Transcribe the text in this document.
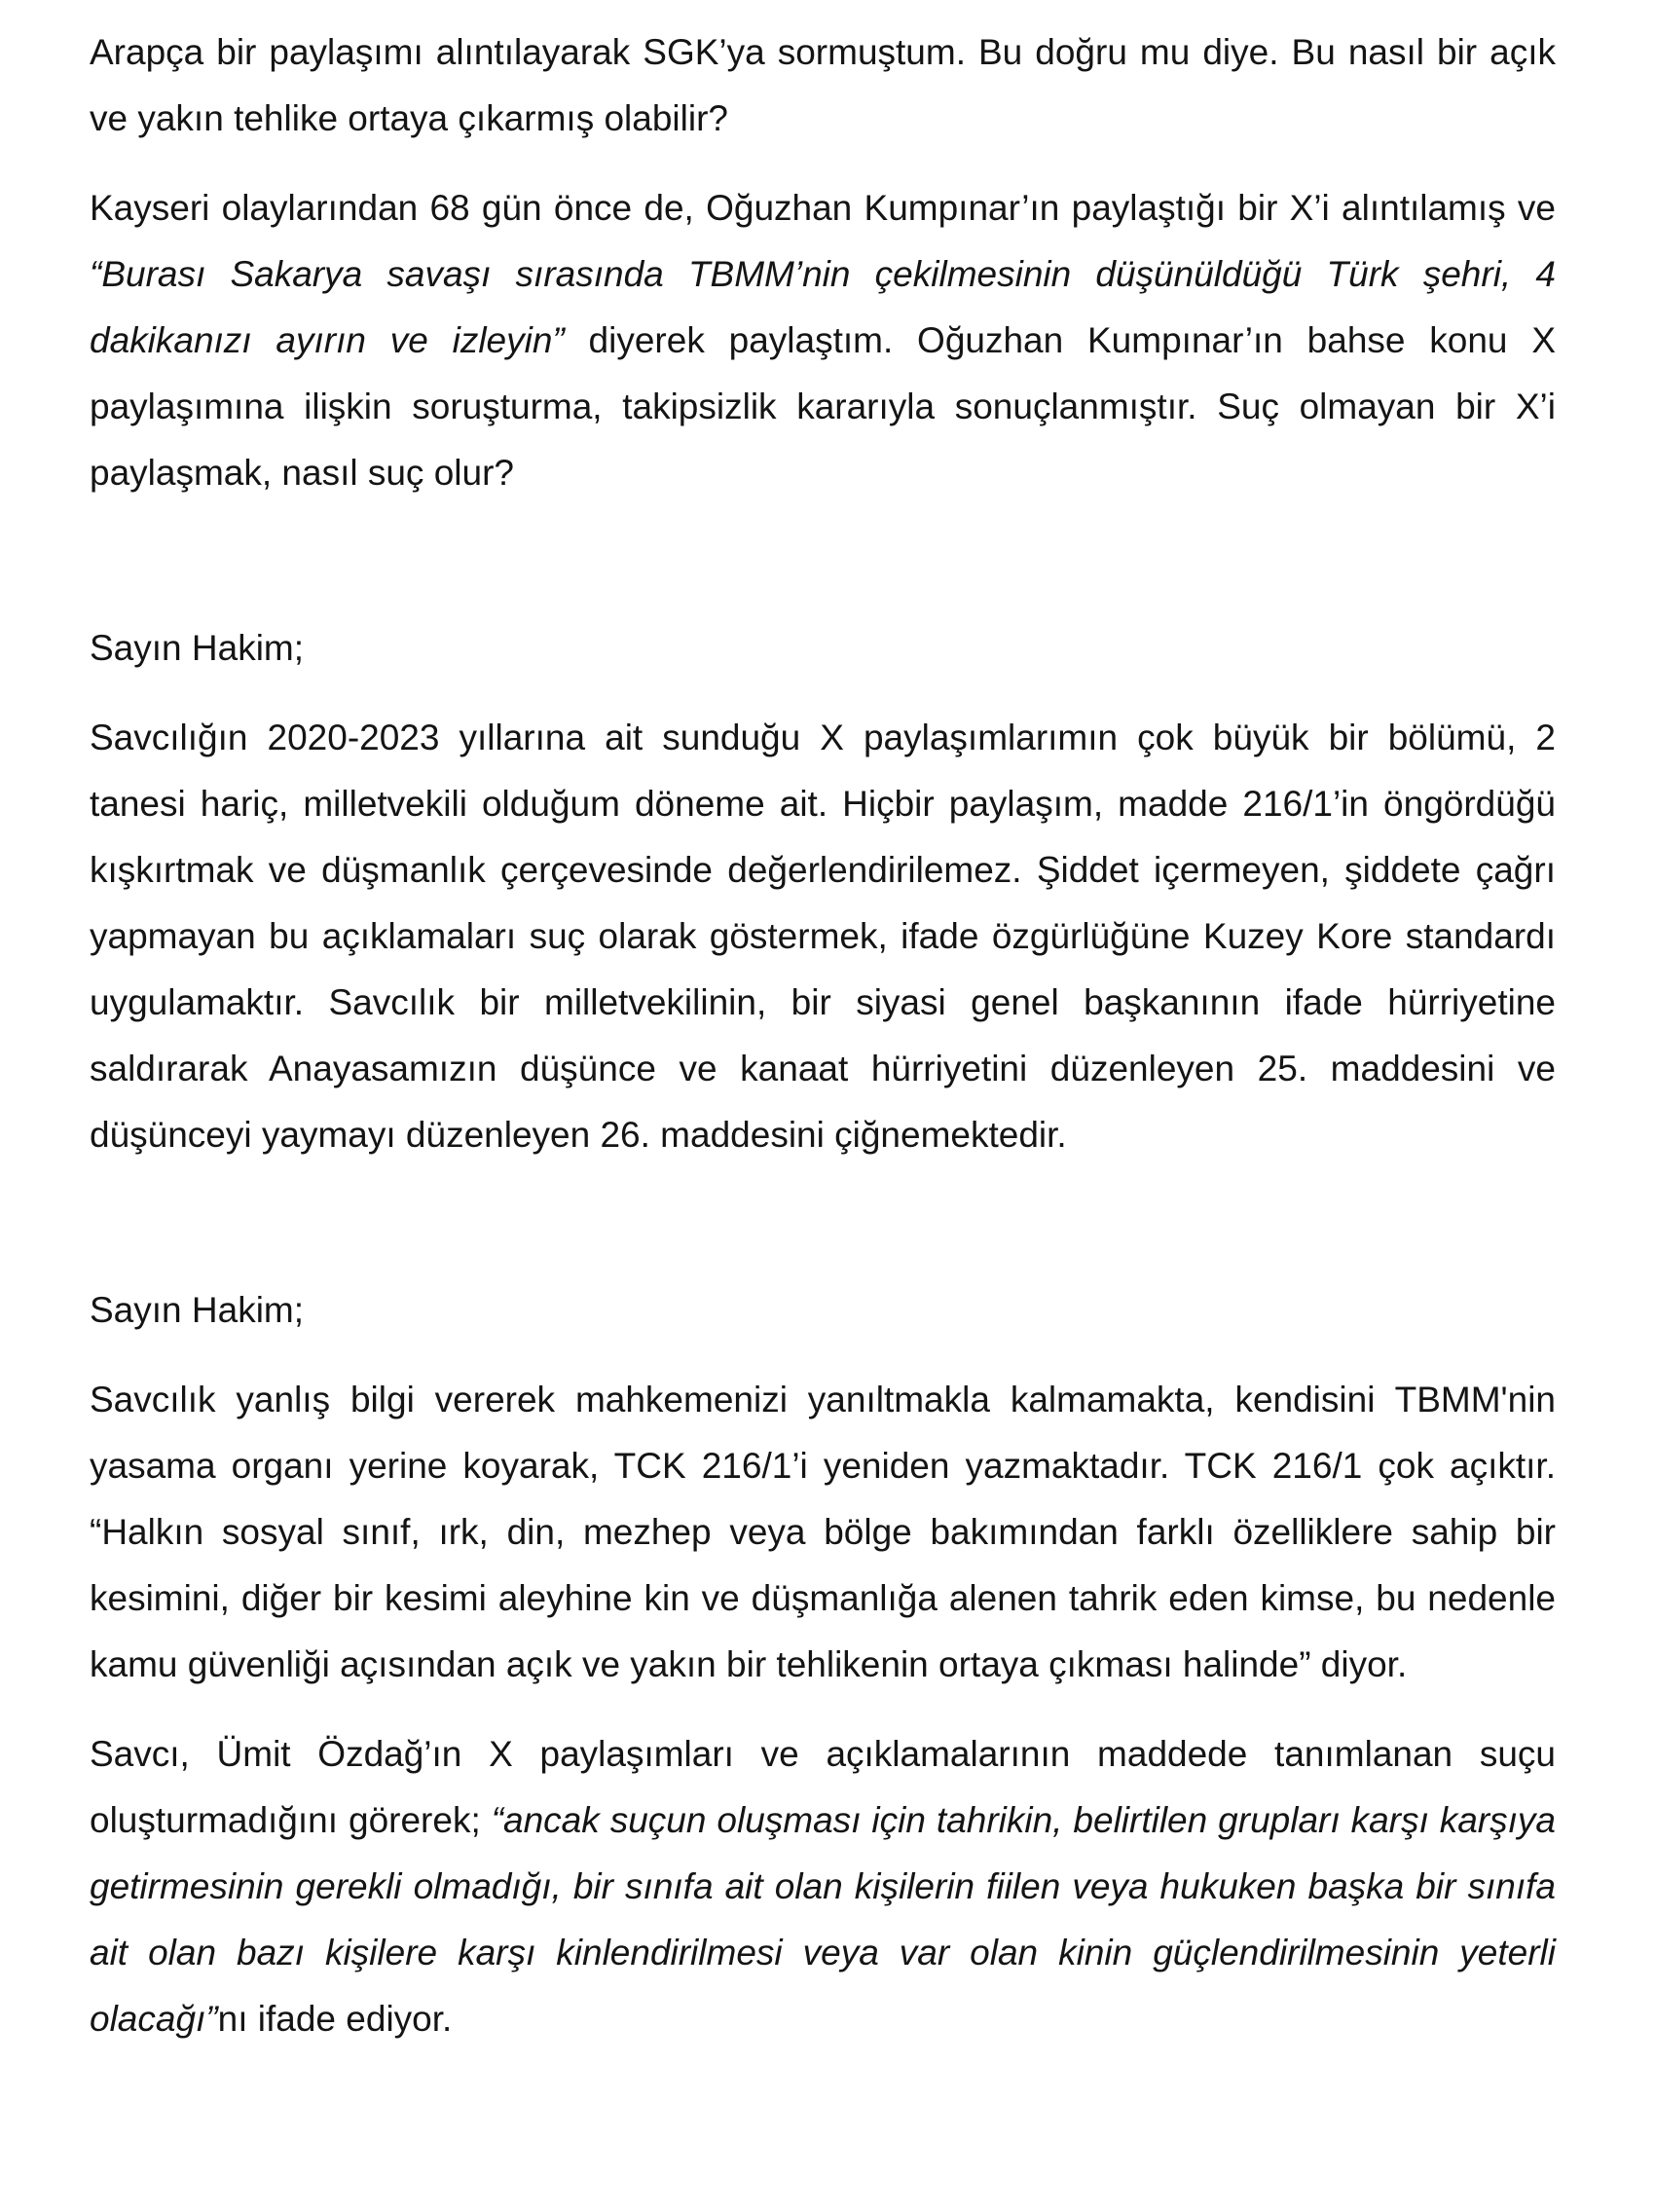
Arapça bir paylaşımı alıntılayarak SGK’ya sormuştum. Bu doğru mu diye. Bu nasıl bir açık ve yakın tehlike ortaya çıkarmış olabilir?

Kayseri olaylarından 68 gün önce de, Oğuzhan Kumpınar’ın paylaştığı bir X’i alıntılamış ve “Burası Sakarya savaşı sırasında TBMM’nin çekilmesinin düşünüldüğü Türk şehri, 4 dakikanızı ayırın ve izleyin” diyerek paylaştım. Oğuzhan Kumpınar’ın bahse konu X paylaşımına ilişkin soruşturma, takipsizlik kararıyla sonuçlanmıştır. Suç olmayan bir X’i paylaşmak, nasıl suç olur?

Sayın Hakim;

Savcılığın 2020-2023 yıllarına ait sunduğu X paylaşımlarımın çok büyük bir bölümü, 2 tanesi hariç, milletvekili olduğum döneme ait. Hiçbir paylaşım, madde 216/1’in öngördüğü kışkırtmak ve düşmanlık çerçevesinde değerlendirilemez. Şiddet içermeyen, şiddete çağrı yapmayan bu açıklamaları suç olarak göstermek, ifade özgürlüğüne Kuzey Kore standardı uygulamaktır. Savcılık bir milletvekilinin, bir siyasi genel başkanının ifade hürriyetine saldırarak Anayasamızın düşünce ve kanaat hürriyetini düzenleyen 25. maddesini ve düşünceyi yaymayı düzenleyen 26. maddesini çiğnemektedir.

Sayın Hakim;

Savcılık yanlış bilgi vererek mahkemenizi yanıltmakla kalmamakta, kendisini TBMM'nin yasama organı yerine koyarak, TCK 216/1’i yeniden yazmaktadır. TCK 216/1 çok açıktır. “Halkın sosyal sınıf, ırk, din, mezhep veya bölge bakımından farklı özelliklere sahip bir kesimini, diğer bir kesimi aleyhine kin ve düşmanlığa alenen tahrik eden kimse, bu nedenle kamu güvenliği açısından açık ve yakın bir tehlikenin ortaya çıkması halinde” diyor.

Savcı, Ümit Özdağ’ın X paylaşımları ve açıklamalarının maddede tanımlanan suçu oluşturmadığını görerek; “ancak suçun oluşması için tahrikin, belirtilen grupları karşı karşıya getirmesinin gerekli olmadığı, bir sınıfa ait olan kişilerin fiilen veya hukuken başka bir sınıfa ait olan bazı kişilere karşı kinlendirilmesi veya var olan kinin güçlendirilmesinin yeterli olacağı”nı ifade ediyor.
